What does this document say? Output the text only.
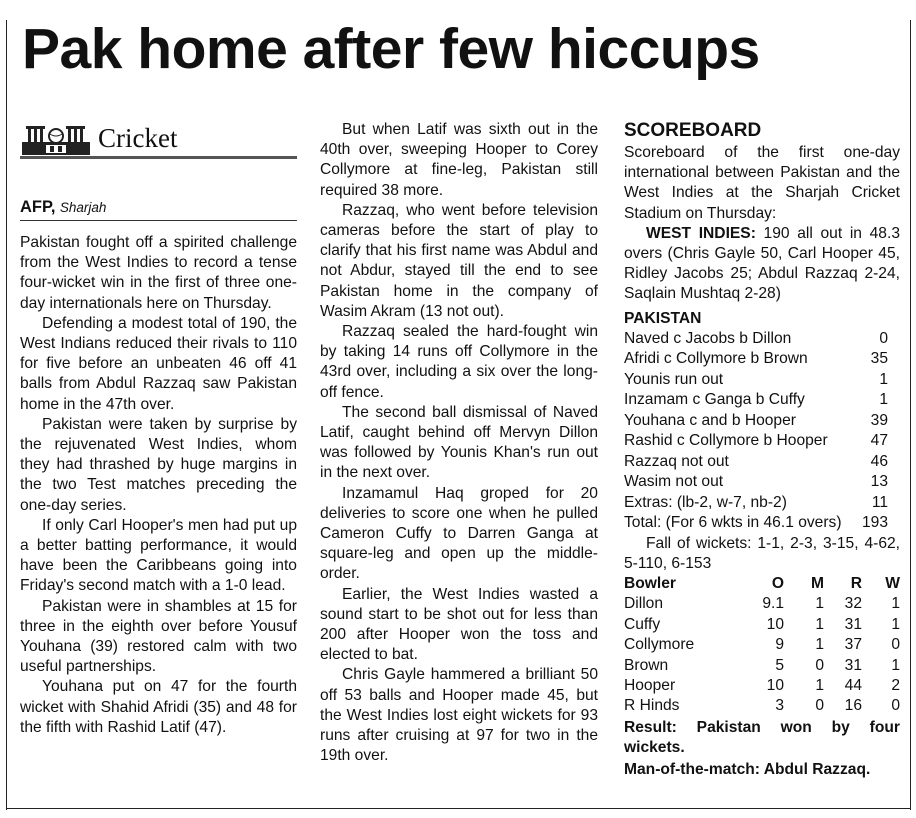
Pak home after few hiccups
Cricket
AFP, Sharjah

Pakistan fought off a spirited challenge from the West Indies to record a tense four-wicket win in the first of three one-day internationals here on Thursday.

Defending a modest total of 190, the West Indians reduced their rivals to 110 for five before an unbeaten 46 off 41 balls from Abdul Razzaq saw Pakistan home in the 47th over.

Pakistan were taken by surprise by the rejuvenated West Indies, whom they had thrashed by huge margins in the two Test matches preceding the one-day series.

If only Carl Hooper's men had put up a better batting performance, it would have been the Caribbeans going into Friday's second match with a 1-0 lead.

Pakistan were in shambles at 15 for three in the eighth over before Yousuf Youhana (39) restored calm with two useful partnerships.

Youhana put on 47 for the fourth wicket with Shahid Afridi (35) and 48 for the fifth with Rashid Latif (47).

But when Latif was sixth out in the 40th over, sweeping Hooper to Corey Collymore at fine-leg, Pakistan still required 38 more.

Razzaq, who went before television cameras before the start of play to clarify that his first name was Abdul and not Abdur, stayed till the end to see Pakistan home in the company of Wasim Akram (13 not out).

Razzaq sealed the hard-fought win by taking 14 runs off Collymore in the 43rd over, including a six over the long-off fence.

The second ball dismissal of Naved Latif, caught behind off Mervyn Dillon was followed by Younis Khan's run out in the next over.

Inzamamul Haq groped for 20 deliveries to score one when he pulled Cameron Cuffy to Darren Ganga at square-leg and open up the middle-order.

Earlier, the West Indies wasted a sound start to be shot out for less than 200 after Hooper won the toss and elected to bat.

Chris Gayle hammered a brilliant 50 off 53 balls and Hooper made 45, but the West Indies lost eight wickets for 93 runs after cruising at 97 for two in the 19th over.

SCOREBOARD
Scoreboard of the first one-day international between Pakistan and the West Indies at the Sharjah Cricket Stadium on Thursday:
WEST INDIES: 190 all out in 48.3 overs (Chris Gayle 50, Carl Hooper 45, Ridley Jacobs 25; Abdul Razzaq 2-24, Saqlain Mushtaq 2-28)
PAKISTAN
Naved c Jacobs b Dillon	0
Afridi c Collymore b Brown	35
Younis run out	1
Inzamam c Ganga b Cuffy	1
Youhana c and b Hooper	39
Rashid c Collymore b Hooper	47
Razzaq not out	46
Wasim not out	13
Extras: (lb-2, w-7, nb-2)	11
Total: (For 6 wkts in 46.1 overs) 193
Fall of wickets: 1-1, 2-3, 3-15, 4-62, 5-110, 6-153
Bowler	O	M	R	W
Dillon	9.1	1	32	1
Cuffy	10	1	31	1
Collymore	9	1	37	0
Brown	5	0	31	1
Hooper	10	1	44	2
R Hinds	3	0	16	0
Result: Pakistan won by four wickets.
Man-of-the-match: Abdul Razzaq.
